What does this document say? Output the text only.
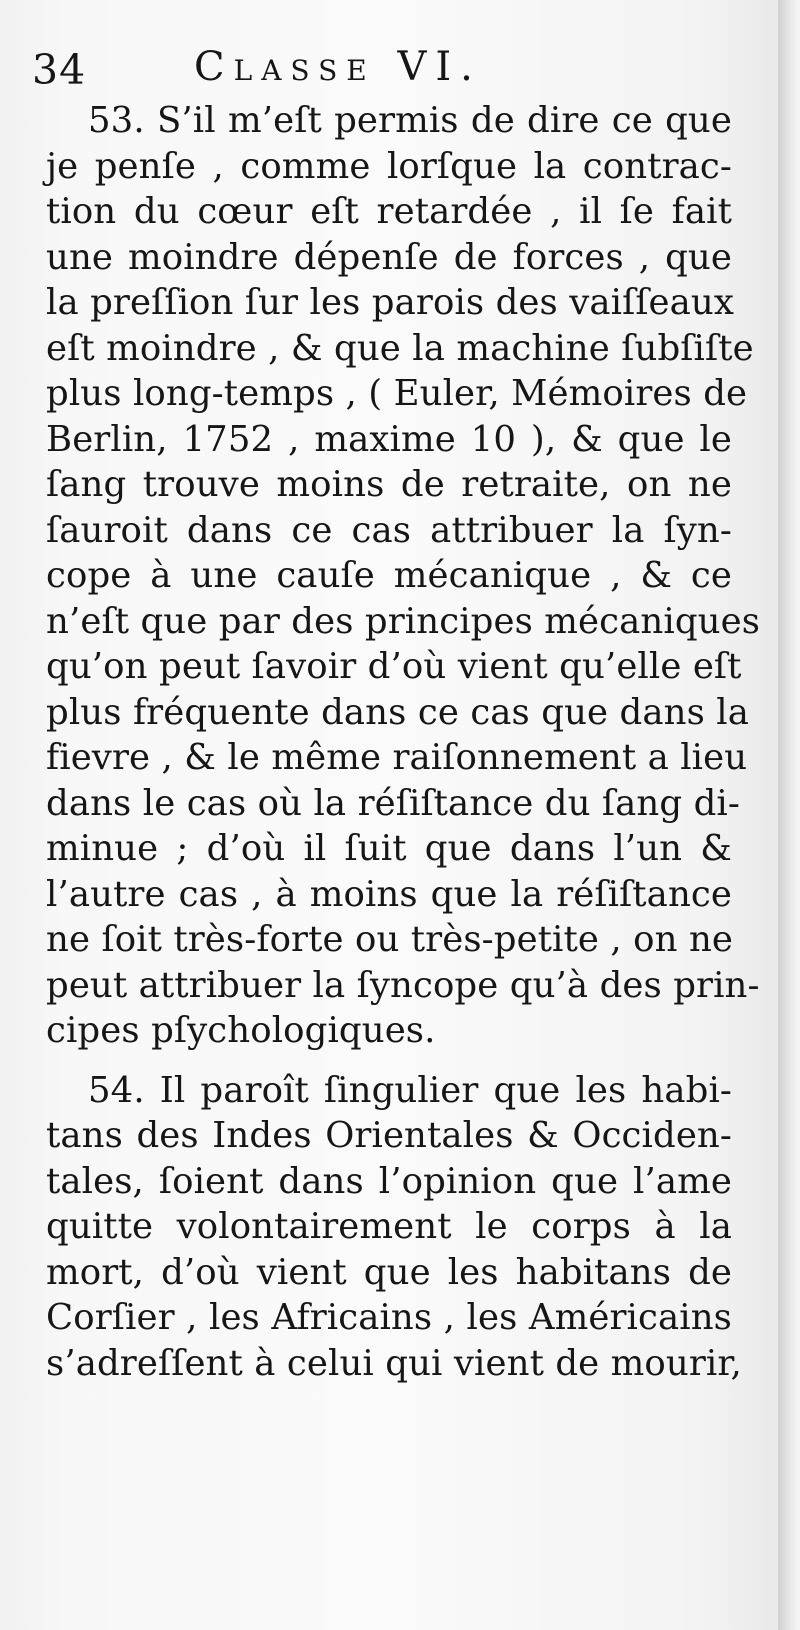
34	Classe VI.
53. S’il m’eſt permis de dire ce que
je penſe , comme lorſque la contrac-
tion du cœur eſt retardée , il ſe fait
une moindre dépenſe de forces , que
la preſſion ſur les parois des vaiſſeaux
eſt moindre , & que la machine ſubſiſte
plus long-temps , ( Euler, Mémoires de
Berlin, 1752 , maxime 10 ), & que le
ſang trouve moins de retraite, on ne
ſauroit dans ce cas attribuer la ſyn-
cope à une cauſe mécanique , & ce
n’eſt que par des principes mécaniques
qu’on peut ſavoir d’où vient qu’elle eſt
plus fréquente dans ce cas que dans la
fievre , & le même raiſonnement a lieu
dans le cas où la réſiſtance du ſang di-
minue ; d’où il ſuit que dans l’un &
l’autre cas , à moins que la réſiſtance
ne ſoit très-forte ou très-petite , on ne
peut attribuer la ſyncope qu’à des prin-
cipes pſychologiques.
54. Il paroît ſingulier que les habi-
tans des Indes Orientales & Occiden-
tales, ſoient dans l’opinion que l’ame
quitte volontairement le corps à la
mort, d’où vient que les habitans de
Corſier , les Africains , les Américains
s’adreſſent à celui qui vient de mourir,
